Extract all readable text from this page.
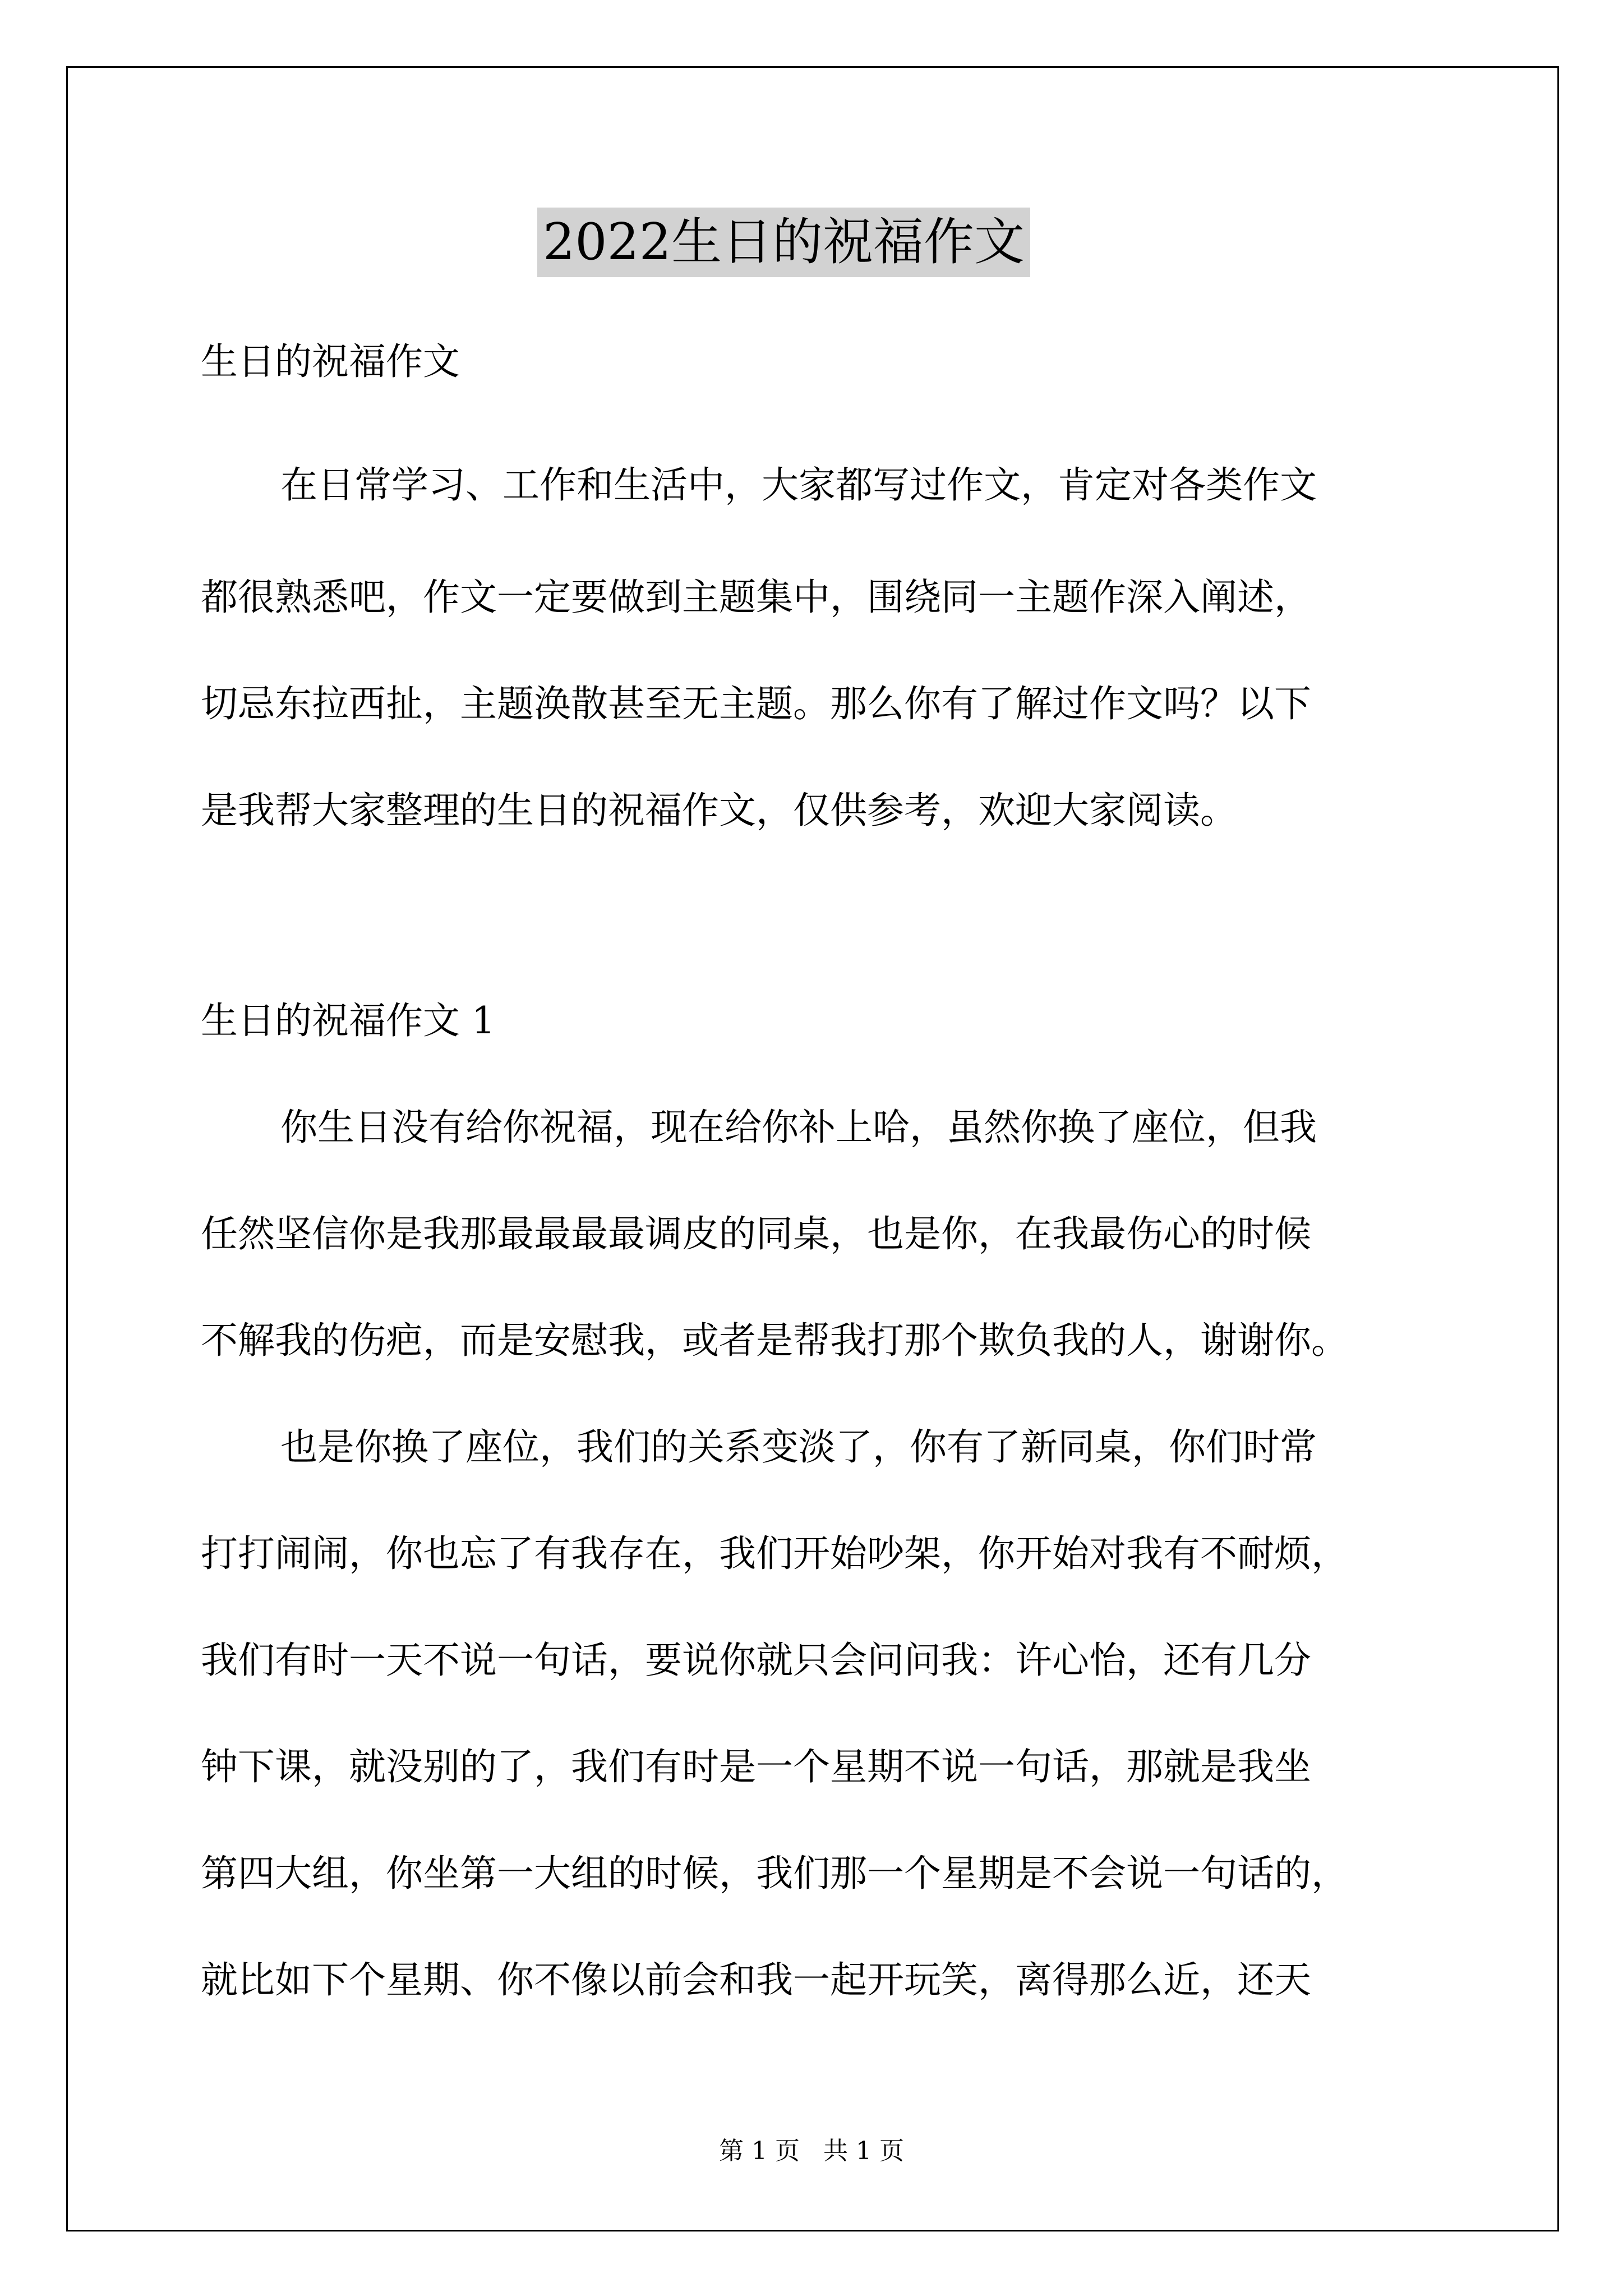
2022生日的祝福作文
生日的祝福作文
在日常学习、工作和生活中，大家都写过作文，肯定对各类作文
都很熟悉吧，作文一定要做到主题集中，围绕同一主题作深入阐述，
切忌东拉西扯，主题涣散甚至无主题。那么你有了解过作文吗？以下
是我帮大家整理的生日的祝福作文，仅供参考，欢迎大家阅读。
生日的祝福作文 1
你生日没有给你祝福，现在给你补上哈，虽然你换了座位，但我
任然坚信你是我那最最最最调皮的同桌，也是你，在我最伤心的时候
不解我的伤疤，而是安慰我，或者是帮我打那个欺负我的人，谢谢你。
也是你换了座位，我们的关系变淡了，你有了新同桌，你们时常
打打闹闹，你也忘了有我存在，我们开始吵架，你开始对我有不耐烦，
我们有时一天不说一句话，要说你就只会问问我：许心怡，还有几分
钟下课，就没别的了，我们有时是一个星期不说一句话，那就是我坐
第四大组，你坐第一大组的时候，我们那一个星期是不会说一句话的，
就比如下个星期、你不像以前会和我一起开玩笑，离得那么近，还天
第 1 页   共 1 页
